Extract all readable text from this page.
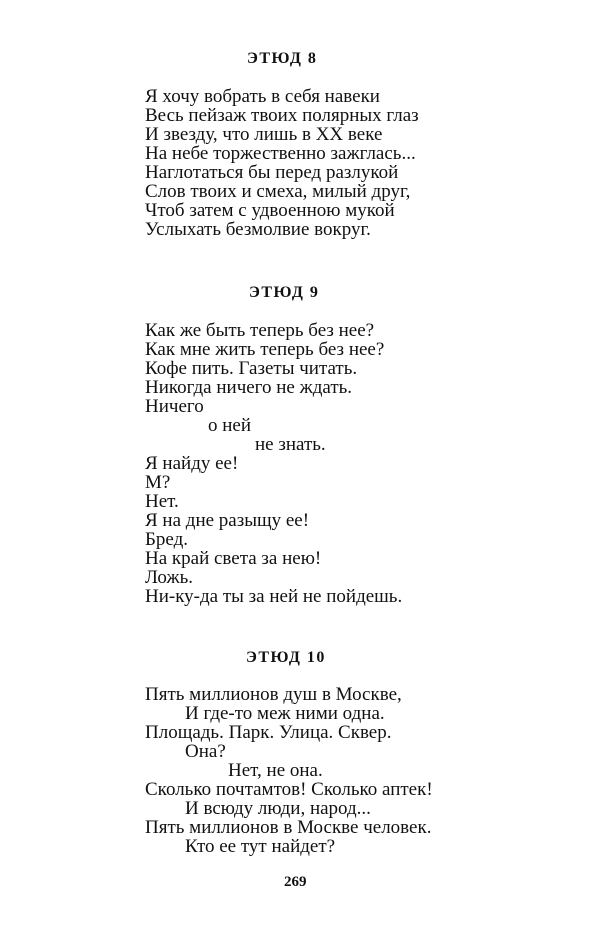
ЭТЮД 8
Я хочу вобрать в себя навеки
Весь пейзаж твоих полярных глаз
И звезду, что лишь в XX веке
На небе торжественно зажглась...
Наглотаться бы перед разлукой
Слов твоих и смеха, милый друг,
Чтоб затем с удвоенною мукой
Услыхать безмолвие вокруг.
ЭТЮД 9
Как же быть теперь без нее?
Как мне жить теперь без нее?
Кофе пить. Газеты читать.
Никогда ничего не ждать.
Ничего
о ней
не знать.
Я найду ее!
М?
Нет.
Я на дне разыщу ее!
Бред.
На край света за нею!
Ложь.
Ни-ку-да ты за ней не пойдешь.
ЭТЮД 10
Пять миллионов душ в Москве,
И где-то меж ними одна.
Площадь. Парк. Улица. Сквер.
Она?
Нет, не она.
Сколько почтамтов! Сколько аптек!
И всюду люди, народ...
Пять миллионов в Москве человек.
Кто ее тут найдет?
269
